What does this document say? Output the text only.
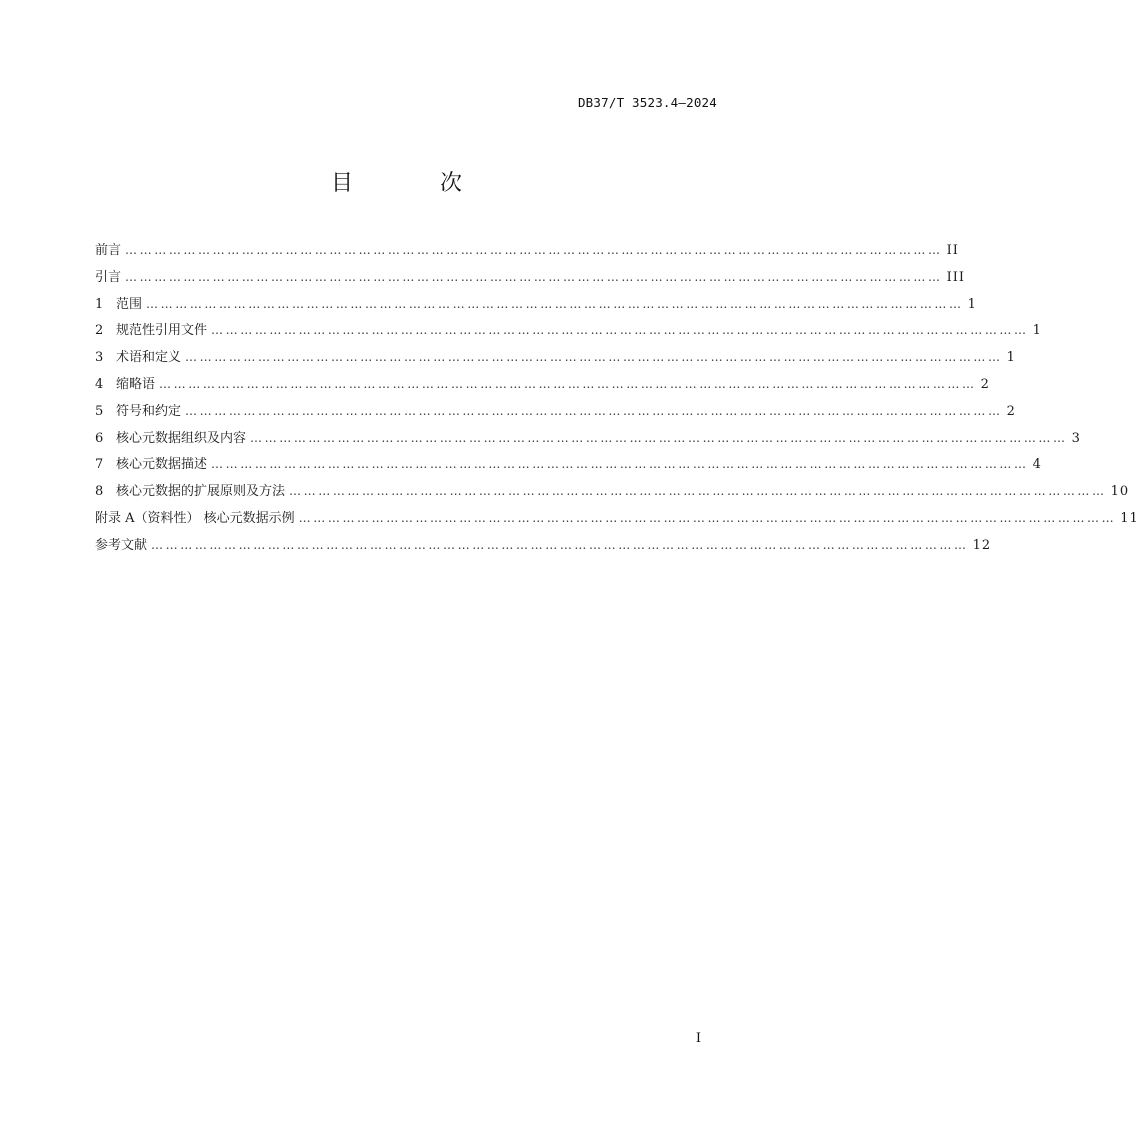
DB37/T 3523.4—2024
目 次
前言 …………………………………………………………………………………………………………………………………………………… II
引言 …………………………………………………………………………………………………………………………………………………… III
1 范围 …………………………………………………………………………………………………………………………………………………… 1
2 规范性引用文件 …………………………………………………………………………………………………………………………………………………… 1
3 术语和定义 …………………………………………………………………………………………………………………………………………………… 1
4 缩略语 …………………………………………………………………………………………………………………………………………………… 2
5 符号和约定 …………………………………………………………………………………………………………………………………………………… 2
6 核心元数据组织及内容 …………………………………………………………………………………………………………………………………………………… 3
7 核心元数据描述 …………………………………………………………………………………………………………………………………………………… 4
8 核心元数据的扩展原则及方法 …………………………………………………………………………………………………………………………………………………… 10
附录 A（资料性） 核心元数据示例 …………………………………………………………………………………………………………………………………………………… 11
参考文献 …………………………………………………………………………………………………………………………………………………… 12
I
